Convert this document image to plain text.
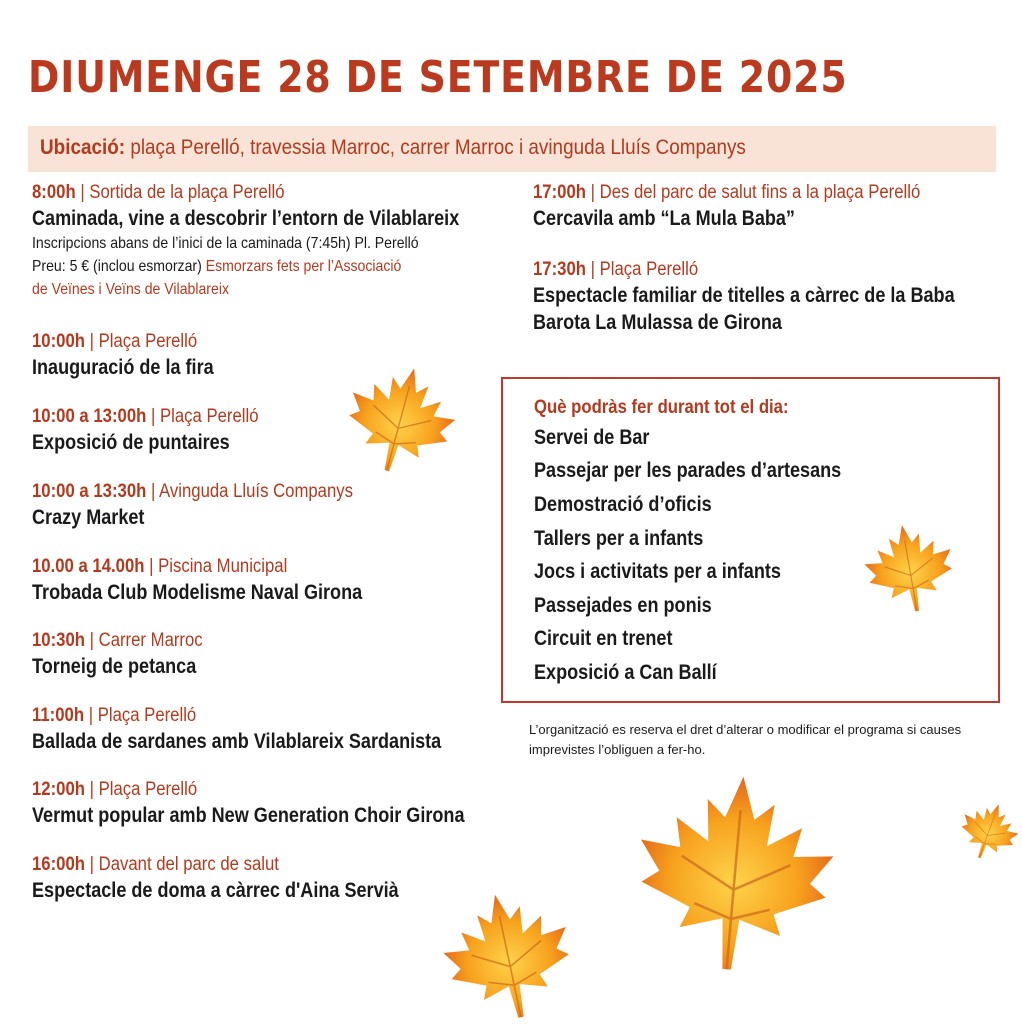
DIUMENGE 28 DE SETEMBRE DE 2025
Ubicació: plaça Perelló, travessia Marroc, carrer Marroc i avinguda Lluís Companys
8:00h | Sortida de la plaça Perelló
Caminada, vine a descobrir l’entorn de Vilablareix
Inscripcions abans de l’inici de la caminada (7:45h) Pl. Perelló
Preu: 5 € (inclou esmorzar) Esmorzars fets per l’Associació
de Veïnes i Veïns de Vilablareix
10:00h | Plaça Perelló
Inauguració de la fira
10:00 a 13:00h | Plaça Perelló
Exposició de puntaires
10:00 a 13:30h | Avinguda Lluís Companys
Crazy Market
10.00 a 14.00h | Piscina Municipal
Trobada Club Modelisme Naval Girona
10:30h | Carrer Marroc
Torneig de petanca
11:00h | Plaça Perelló
Ballada de sardanes amb Vilablareix Sardanista
12:00h | Plaça Perelló
Vermut popular amb New Generation Choir Girona
16:00h | Davant del parc de salut
Espectacle de doma a càrrec d'Aina Servià
17:00h | Des del parc de salut fins a la plaça Perelló
Cercavila amb “La Mula Baba”
17:30h | Plaça Perelló
Espectacle familiar de titelles a càrrec de la Baba
Barota La Mulassa de Girona
Què podràs fer durant tot el dia:
Servei de Bar
Passejar per les parades d’artesans
Demostració d’oficis
Tallers per a infants
Jocs i activitats per a infants
Passejades en ponis
Circuit en trenet
Exposició a Can Ballí
L’organització es reserva el dret d’alterar o modificar el programa si causes imprevistes l’obliguen a fer-ho.
